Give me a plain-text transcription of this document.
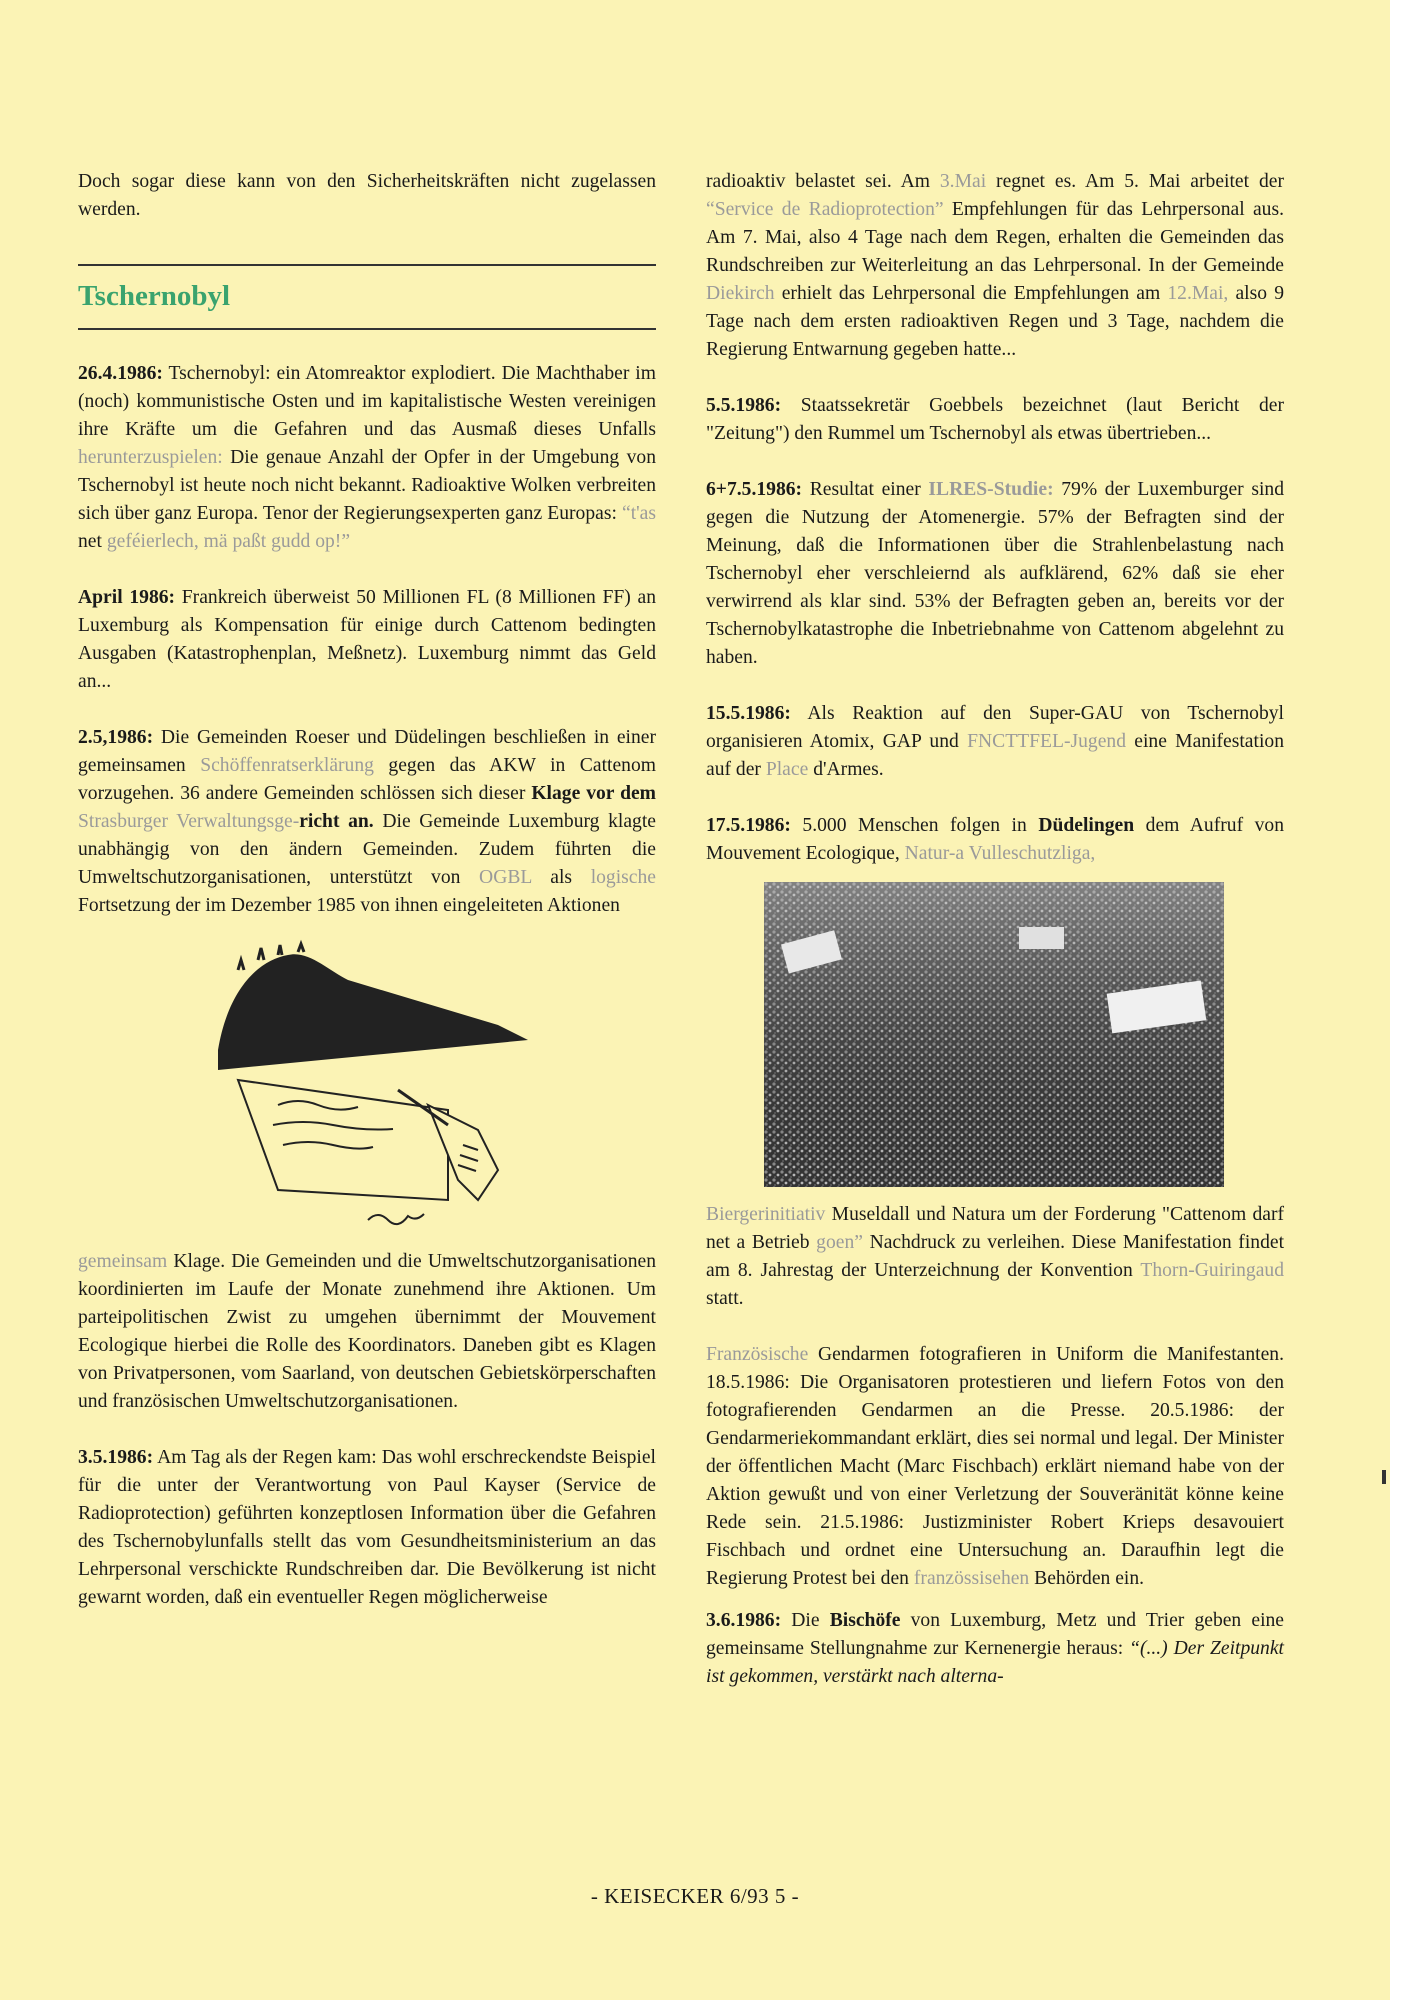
Doch sogar diese kann von den Sicherheitskräften nicht zugelassen werden.

Tschernobyl

26.4.1986: Tschernobyl: ein Atomreaktor explodiert. Die Machthaber im (noch) kommunistische Osten und im kapitalistische Westen vereinigen ihre Kräfte um die Gefahren und das Ausmaß dieses Unfalls herunterzuspielen: Die genaue Anzahl der Opfer in der Umgebung von Tschernobyl ist heute noch nicht bekannt. Radioaktive Wolken verbreiten sich über ganz Europa. Tenor der Regierungsexperten ganz Europas: “t'as net geféierlech, mä paßt gudd op!”

April 1986: Frankreich überweist 50 Millionen FL (8 Millionen FF) an Luxemburg als Kompensation für einige durch Cattenom bedingten Ausgaben (Katastrophenplan, Meßnetz). Luxemburg nimmt das Geld an...

2.5,1986: Die Gemeinden Roeser und Düdelingen beschließen in einer gemeinsamen Schöffenratserklärung gegen das AKW in Cattenom vorzugehen. 36 andere Gemeinden schlössen sich dieser Klage vor dem Strasburger Verwaltungsge-richt an. Die Gemeinde Luxemburg klagte unabhängig von den ändern Gemeinden. Zudem führten die Umweltschutzorganisationen, unterstützt von OGBL als logische Fortsetzung der im Dezember 1985 von ihnen eingeleiteten Aktionen

gemeinsam Klage. Die Gemeinden und die Umweltschutzorganisationen koordinierten im Laufe der Monate zunehmend ihre Aktionen. Um parteipolitischen Zwist zu umgehen übernimmt der Mouvement Ecologique hierbei die Rolle des Koordinators. Daneben gibt es Klagen von Privatpersonen, vom Saarland, von deutschen Gebietskörperschaften und französischen Umweltschutzorganisationen.

3.5.1986: Am Tag als der Regen kam: Das wohl erschreckendste Beispiel für die unter der Verantwortung von Paul Kayser (Service de Radioprotection) geführten konzeptlosen Information über die Gefahren des Tschernobylunfalls stellt das vom Gesundheitsministerium an das Lehrpersonal verschickte Rundschreiben dar. Die Bevölkerung ist nicht gewarnt worden, daß ein eventueller Regen möglicherweise

radioaktiv belastet sei. Am 3.Mai regnet es. Am 5. Mai arbeitet der “Service de Radioprotection” Empfehlungen für das Lehrpersonal aus. Am 7. Mai, also 4 Tage nach dem Regen, erhalten die Gemeinden das Rundschreiben zur Weiterleitung an das Lehrpersonal. In der Gemeinde Diekirch erhielt das Lehrpersonal die Empfehlungen am 12.Mai, also 9 Tage nach dem ersten radioaktiven Regen und 3 Tage, nachdem die Regierung Entwarnung gegeben hatte...

5.5.1986: Staatssekretär Goebbels bezeichnet (laut Bericht der "Zeitung") den Rummel um Tschernobyl als etwas übertrieben...

6+7.5.1986: Resultat einer ILRES-Studie: 79% der Luxemburger sind gegen die Nutzung der Atomenergie. 57% der Befragten sind der Meinung, daß die Informationen über die Strahlenbelastung nach Tschernobyl eher verschleiernd als aufklärend, 62% daß sie eher verwirrend als klar sind. 53% der Befragten geben an, bereits vor der Tschernobylkatastrophe die Inbetriebnahme von Cattenom abgelehnt zu haben.

15.5.1986: Als Reaktion auf den Super-GAU von Tschernobyl organisieren Atomix, GAP und FNCTTFEL-Jugend eine Manifestation auf der Place d'Armes.

17.5.1986: 5.000 Menschen folgen in Düdelingen dem Aufruf von Mouvement Ecologique, Natur-a Vulleschutzliga,

Biergerinitiativ Museldall und Natura um der Forderung "Cattenom darf net a Betrieb goen” Nachdruck zu verleihen. Diese Manifestation findet am 8. Jahrestag der Unterzeichnung der Konvention Thorn-Guiringaud statt.

Französische Gendarmen fotografieren in Uniform die Manifestanten. 18.5.1986: Die Organisatoren protestieren und liefern Fotos von den fotografierenden Gendarmen an die Presse. 20.5.1986: der Gendarmeriekommandant erklärt, dies sei normal und legal. Der Minister der öffentlichen Macht (Marc Fischbach) erklärt niemand habe von der Aktion gewußt und von einer Verletzung der Souveränität könne keine Rede sein. 21.5.1986: Justizminister Robert Krieps desavouiert Fischbach und ordnet eine Untersuchung an. Daraufhin legt die Regierung Protest bei den französsisehen Behörden ein.

3.6.1986: Die Bischöfe von Luxemburg, Metz und Trier geben eine gemeinsame Stellungnahme zur Kernenergie heraus: “(...) Der Zeitpunkt ist gekommen, verstärkt nach alterna-

- KEISECKER 6/93 5 -
